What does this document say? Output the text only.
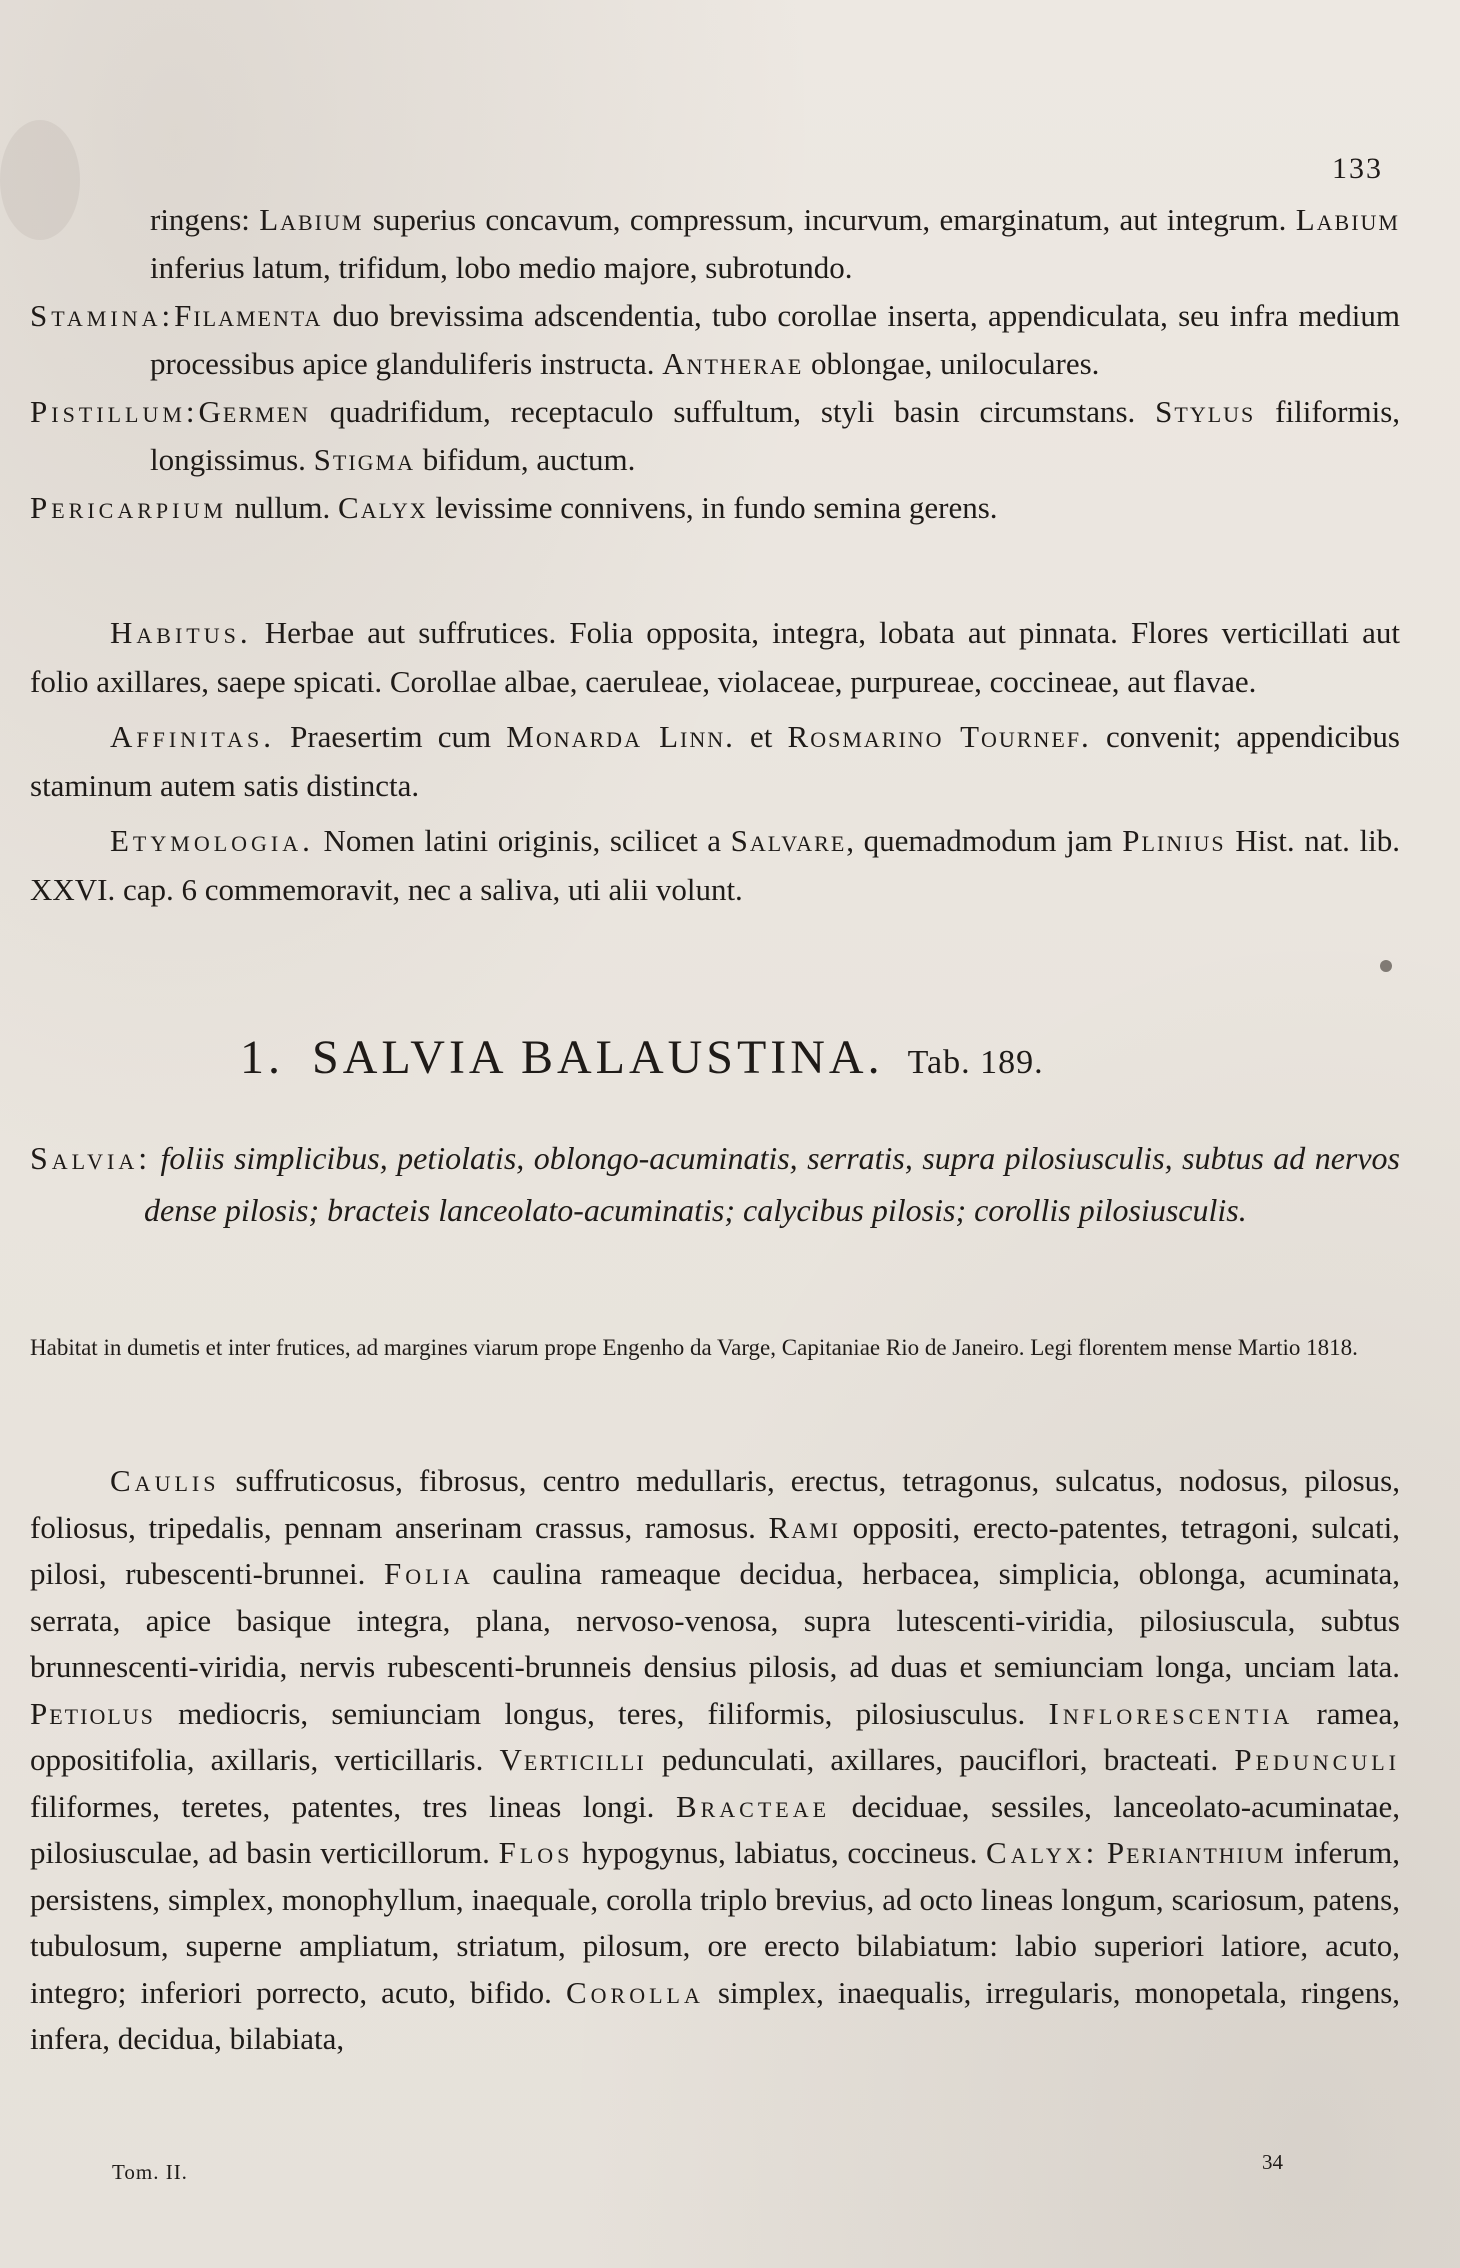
133

ringens: Labium superius concavum, compressum, incurvum, emarginatum, aut integrum. Labium inferius latum, trifidum, lobo medio majore, subrotundo.

Stamina:Filamenta duo brevissima adscendentia, tubo corollae inserta, appendiculata, seu infra medium processibus apice glanduliferis instructa. Antherae oblongae, uniloculares.

Pistillum:Germen quadrifidum, receptaculo suffultum, styli basin circumstans. Stylus filiformis, longissimus. Stigma bifidum, auctum.

Pericarpium nullum. Calyx levissime connivens, in fundo semina gerens.

Habitus. Herbae aut suffrutices. Folia opposita, integra, lobata aut pinnata. Flores verticillati aut folio axillares, saepe spicati. Corollae albae, caeruleae, violaceae, purpureae, coccineae, aut flavae.

Affinitas. Praesertim cum Monarda Linn. et Rosmarino Tournef. convenit; appendicibus staminum autem satis distincta.

Etymologia. Nomen latini originis, scilicet a Salvare, quemadmodum jam Plinius Hist. nat. lib. XXVI. cap. 6 commemoravit, nec a saliva, uti alii volunt.

1. SALVIA BALAUSTINA. Tab. 189.

Salvia: foliis simplicibus, petiolatis, oblongo-acuminatis, serratis, supra pilosiusculis, subtus ad nervos dense pilosis; bracteis lanceolato-acuminatis; calycibus pilosis; corollis pilosiusculis.

Habitat in dumetis et inter frutices, ad margines viarum prope Engenho da Varge, Capitaniae Rio de Janeiro. Legi florentem mense Martio 1818.

Caulis suffruticosus, fibrosus, centro medullaris, erectus, tetragonus, sulcatus, nodosus, pilosus, foliosus, tripedalis, pennam anserinam crassus, ramosus. Rami oppositi, erecto-patentes, tetragoni, sulcati, pilosi, rubescenti-brunnei. Folia caulina rameaque decidua, herbacea, simplicia, oblonga, acuminata, serrata, apice basique integra, plana, nervoso-venosa, supra lutescenti-viridia, pilosiuscula, subtus brunnescenti-viridia, nervis rubescenti-brunneis densius pilosis, ad duas et semiunciam longa, unciam lata. Petiolus mediocris, semiunciam longus, teres, filiformis, pilosiusculus. Inflorescentia ramea, oppositifolia, axillaris, verticillaris. Verticilli pedunculati, axillares, pauciflori, bracteati. Pedunculi filiformes, teretes, patentes, tres lineas longi. Bracteae deciduae, sessiles, lanceolato-acuminatae, pilosiusculae, ad basin verticillorum. Flos hypogynus, labiatus, coccineus. Calyx: Perianthium inferum, persistens, simplex, monophyllum, inaequale, corolla triplo brevius, ad octo lineas longum, scariosum, patens, tubulosum, superne ampliatum, striatum, pilosum, ore erecto bilabiatum: labio superiori latiore, acuto, integro; inferiori porrecto, acuto, bifido. Corolla simplex, inaequalis, irregularis, monopetala, ringens, infera, decidua, bilabiata,

Tom. II.	34
